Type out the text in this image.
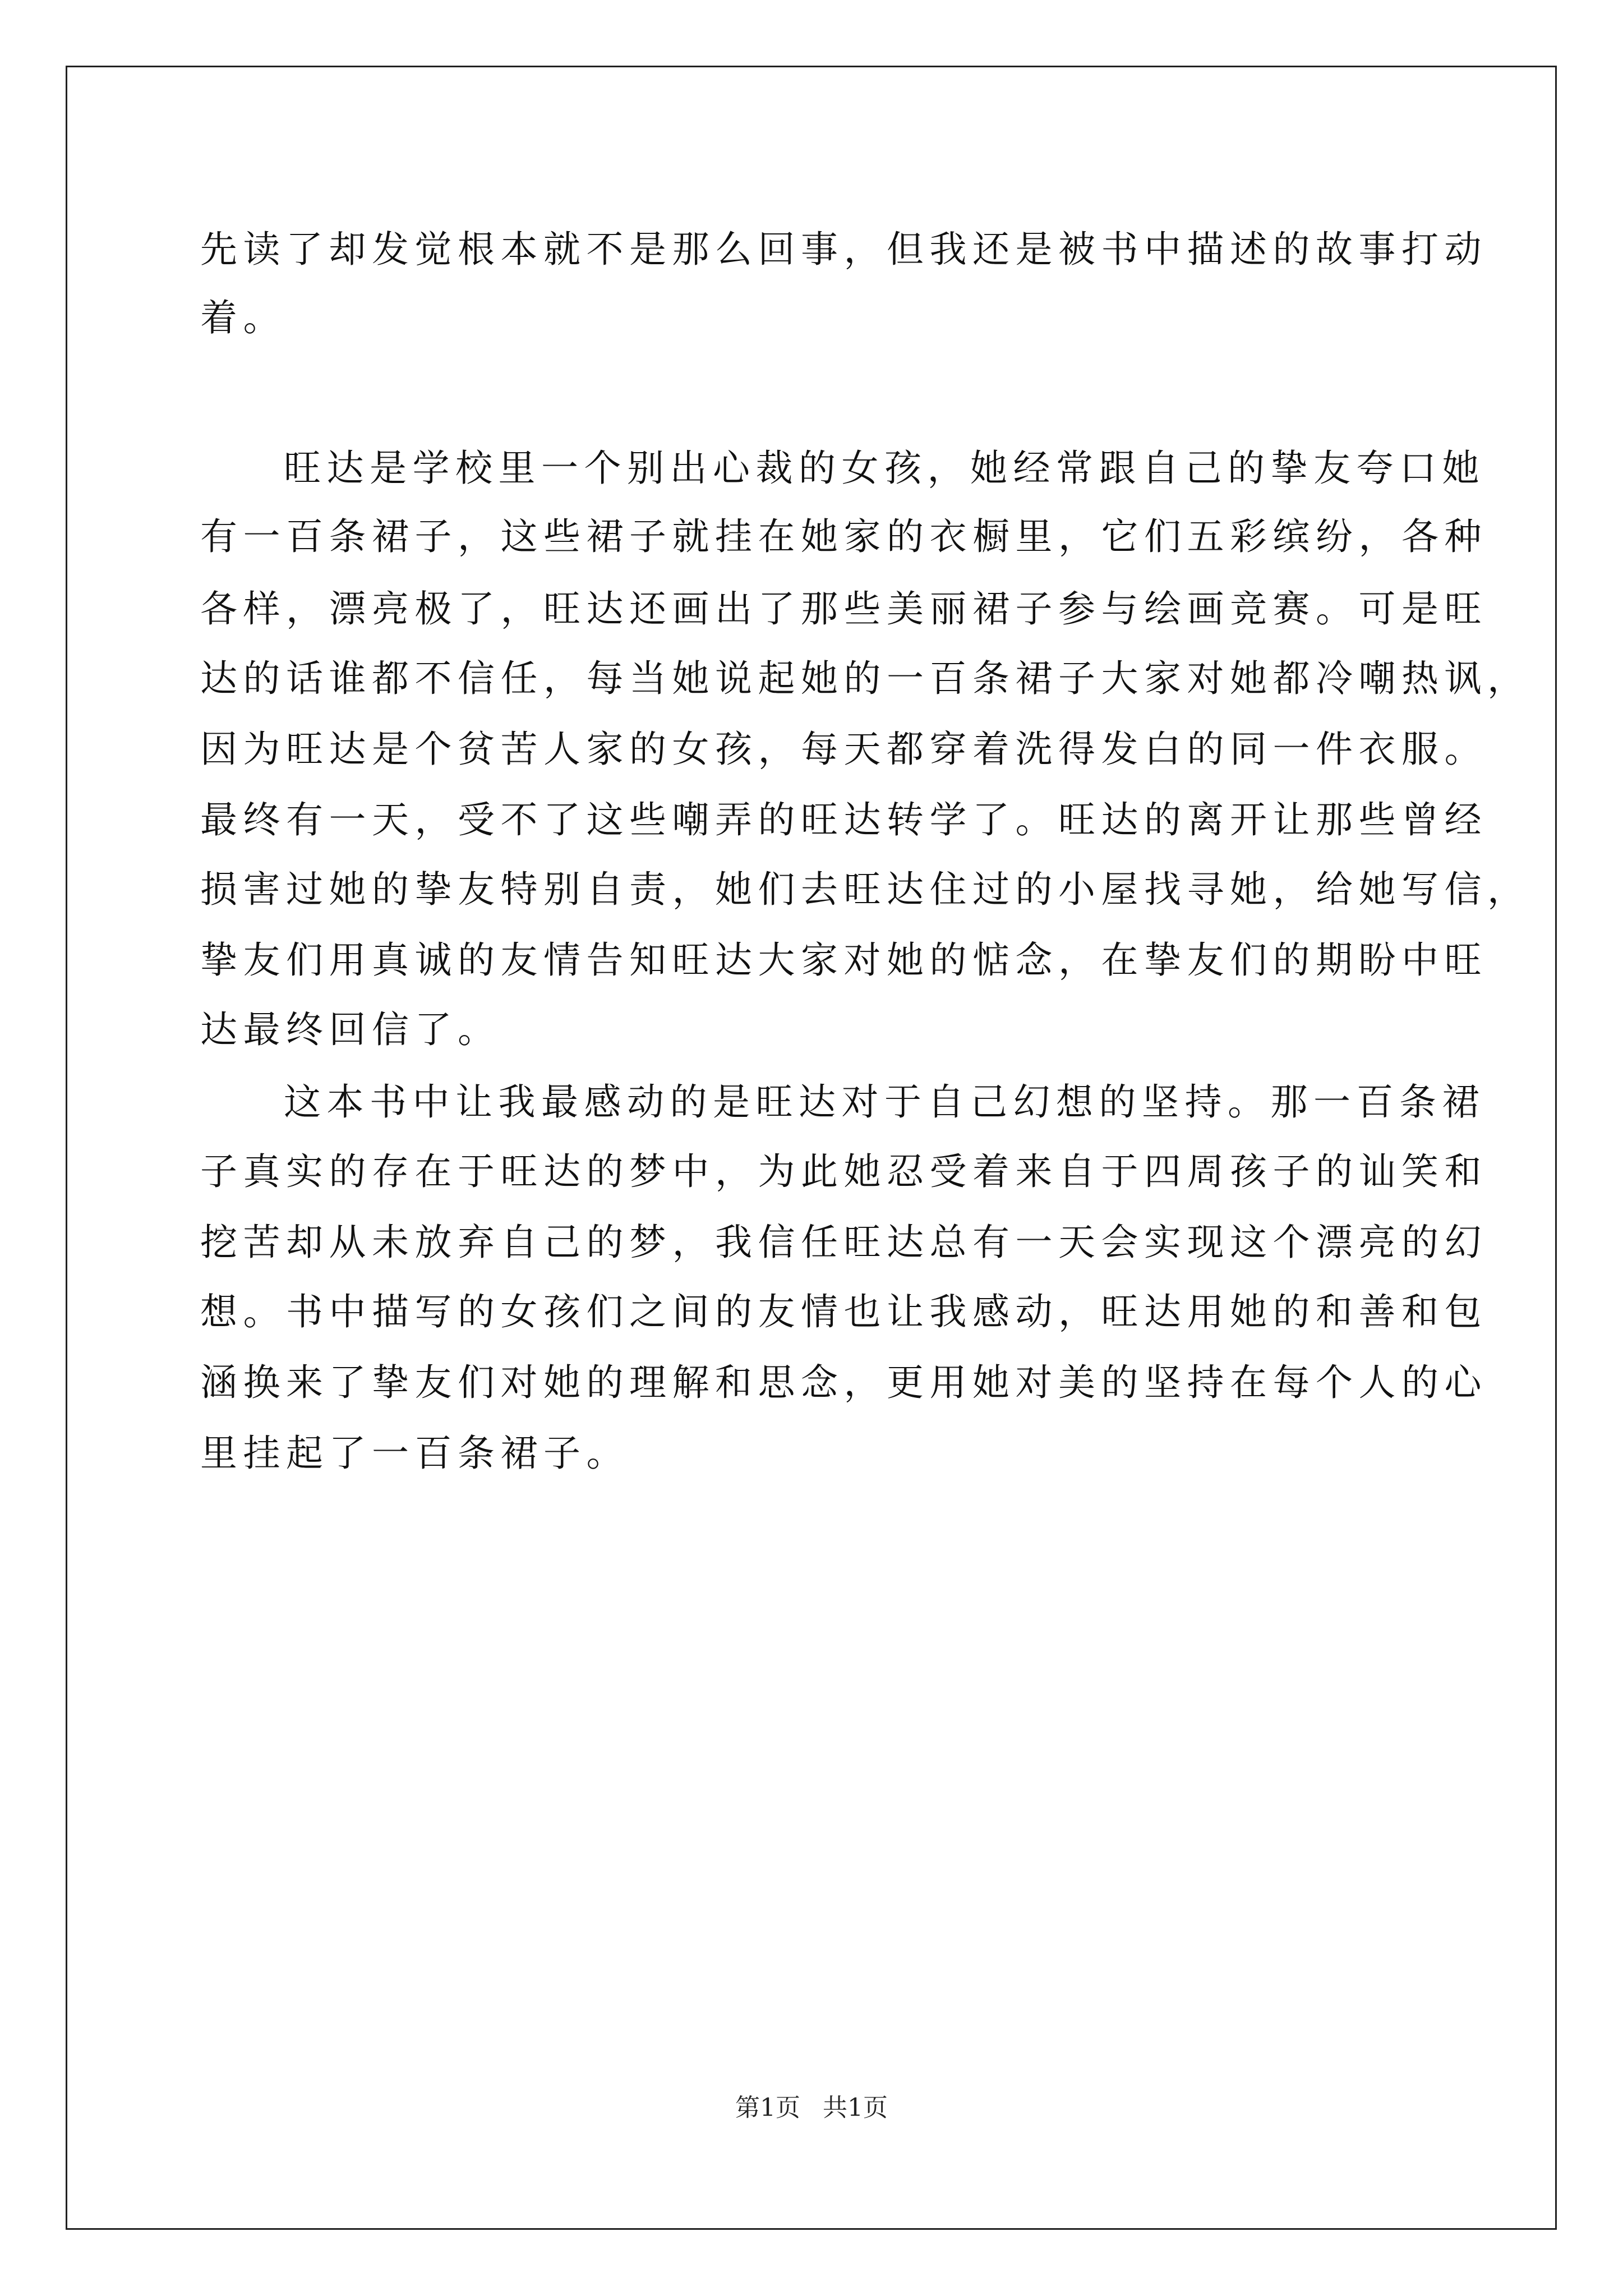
先读了却发觉根本就不是那么回事，但我还是被书中描述的故事打动

着。

旺达是学校里一个别出心裁的女孩，她经常跟自己的挚友夸口她

有一百条裙子，这些裙子就挂在她家的衣橱里，它们五彩缤纷，各种

各样，漂亮极了，旺达还画出了那些美丽裙子参与绘画竞赛。可是旺

达的话谁都不信任，每当她说起她的一百条裙子大家对她都冷嘲热讽，

因为旺达是个贫苦人家的女孩，每天都穿着洗得发白的同一件衣服。

最终有一天，受不了这些嘲弄的旺达转学了。旺达的离开让那些曾经

损害过她的挚友特别自责，她们去旺达住过的小屋找寻她，给她写信，

挚友们用真诚的友情告知旺达大家对她的惦念，在挚友们的期盼中旺

达最终回信了。

这本书中让我最感动的是旺达对于自己幻想的坚持。那一百条裙

子真实的存在于旺达的梦中，为此她忍受着来自于四周孩子的讪笑和

挖苦却从未放弃自己的梦，我信任旺达总有一天会实现这个漂亮的幻

想。书中描写的女孩们之间的友情也让我感动，旺达用她的和善和包

涵换来了挚友们对她的理解和思念，更用她对美的坚持在每个人的心

里挂起了一百条裙子。

第1页 共1页
